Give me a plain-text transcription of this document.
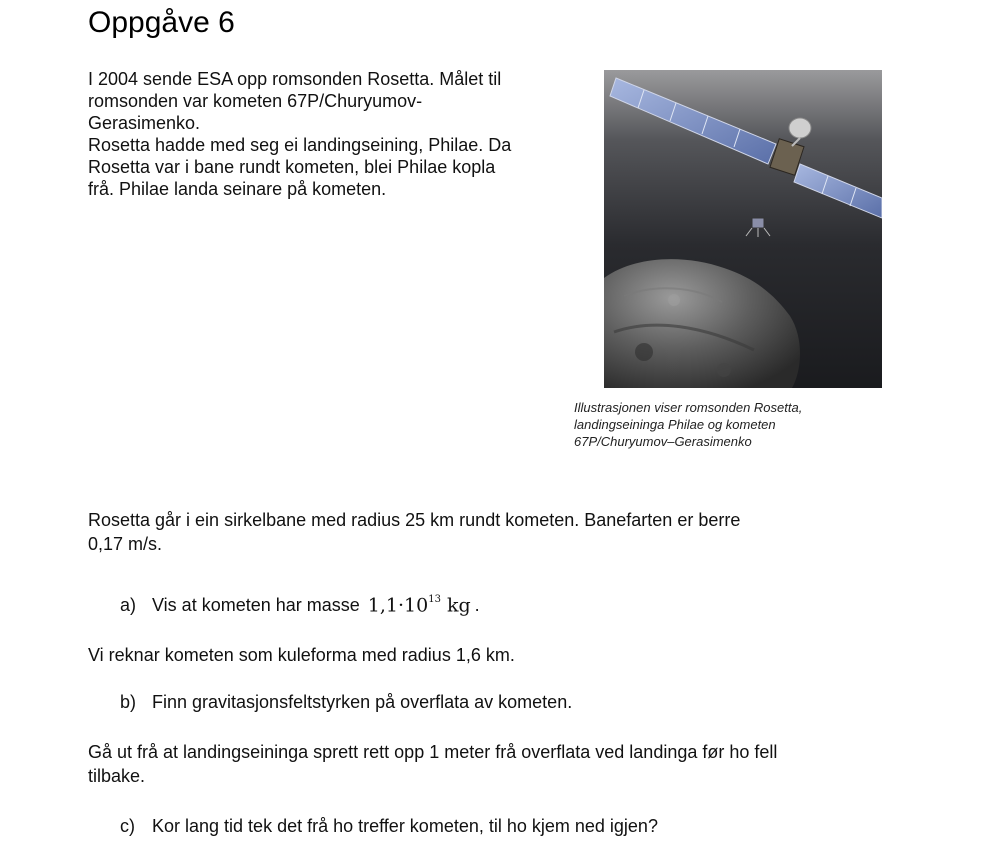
Oppgåve 6

I 2004 sende ESA opp romsonden Rosetta. Målet til

romsonden var kometen 67P/Churyumov-

Gerasimenko.

Rosetta hadde med seg ei landingseining, Philae. Da

Rosetta var i bane rundt kometen, blei Philae kopla

frå. Philae landa seinare på kometen.

Illustrasjonen viser romsonden Rosetta,
landingseininga Philae og kometen
67P/Churyumov–Gerasimenko
Rosetta går i ein sirkelbane med radius 25 km rundt kometen. Banefarten er berre
0,17 m/s.
a) Vis at kometen har masse $1,1\cdot 10^{13}$ kg .
Vi reknar kometen som kuleforma med radius 1,6 km.
b) Finn gravitasjonsfeltstyrken på overflata av kometen.
Gå ut frå at landingseininga sprett rett opp 1 meter frå overflata ved landinga før ho fell
tilbake.
c) Kor lang tid tek det frå ho treffer kometen, til ho kjem ned igjen?
